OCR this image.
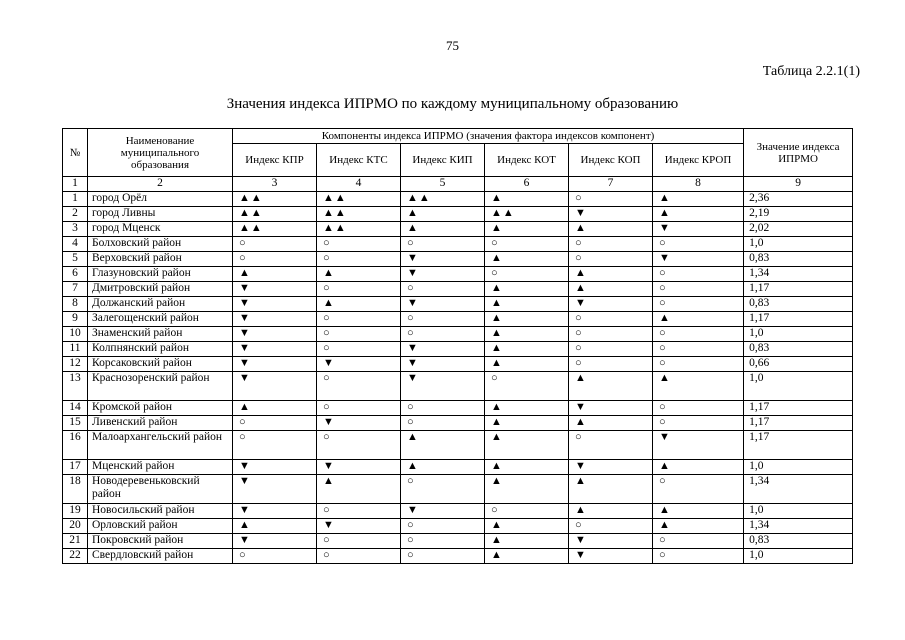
75
Таблица 2.2.1(1)
Значения индекса ИПРМО по каждому муниципальному образованию
№	Наименование муниципального образования	Компоненты индекса ИПРМО (значения фактора индексов компонент)						Значение индекса ИПРМО
		Индекс КПР	Индекс КТС	Индекс КИП	Индекс КОТ	Индекс КОП	Индекс КРОП	
1	2	3	4	5	6	7	8	9
1	город Орёл	▲▲	▲▲	▲▲	▲	○	▲	2,36
2	город Ливны	▲▲	▲▲	▲	▲▲	▼	▲	2,19
3	город Мценск	▲▲	▲▲	▲	▲	▲	▼	2,02
4	Болховский район	○	○	○	○	○	○	1,0
5	Верховский район	○	○	▼	▲	○	▼	0,83
6	Глазуновский район	▲	▲	▼	○	▲	○	1,34
7	Дмитровский район	▼	○	○	▲	▲	○	1,17
8	Должанский район	▼	▲	▼	▲	▼	○	0,83
9	Залегощенский район	▼	○	○	▲	○	▲	1,17
10	Знаменский район	▼	○	○	▲	○	○	1,0
11	Колпнянский район	▼	○	▼	▲	○	○	0,83
12	Корсаковский район	▼	▼	▼	▲	○	○	0,66
13	Краснозоренский район	▼	○	▼	○	▲	▲	1,0
14	Кромской район	▲	○	○	▲	▼	○	1,17
15	Ливенский район	○	▼	○	▲	▲	○	1,17
16	Малоархангельский район	○	○	▲	▲	○	▼	1,17
17	Мценский район	▼	▼	▲	▲	▼	▲	1,0
18	Новодеревеньковский район	▼	▲	○	▲	▲	○	1,34
19	Новосильский район	▼	○	▼	○	▲	▲	1,0
20	Орловский район	▲	▼	○	▲	○	▲	1,34
21	Покровский район	▼	○	○	▲	▼	○	0,83
22	Свердловский район	○	○	○	▲	▼	○	1,0
